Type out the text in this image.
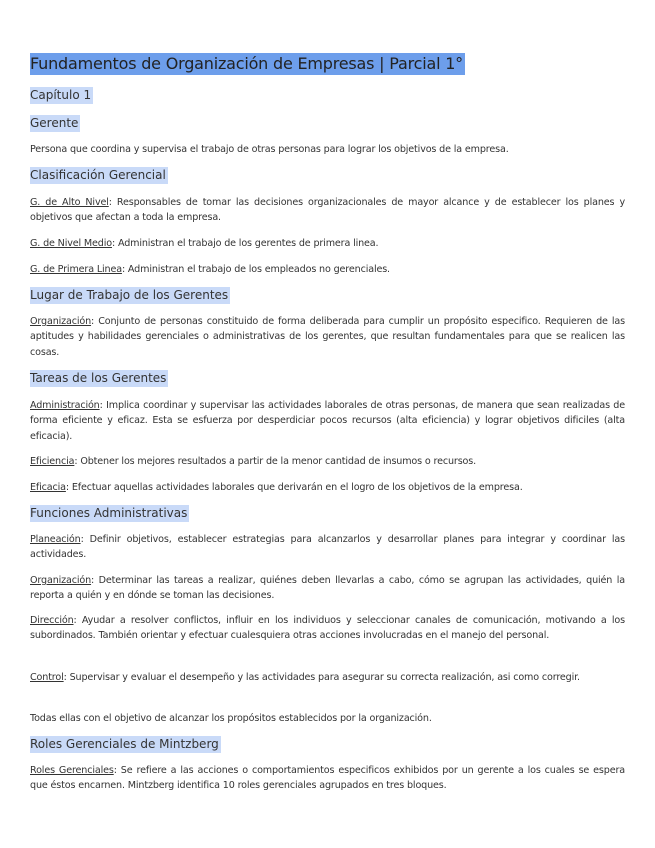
Fundamentos de Organización de Empresas | Parcial 1°
Capítulo 1
Gerente
Persona que coordina y supervisa el trabajo de otras personas para lograr los objetivos de la empresa.
Clasificación Gerencial
G. de Alto Nivel: Responsables de tomar las decisiones organizacionales de mayor alcance y de establecer los planes y objetivos que afectan a toda la empresa.
G. de Nivel Medio: Administran el trabajo de los gerentes de primera linea.
G. de Primera Linea: Administran el trabajo de los empleados no gerenciales.
Lugar de Trabajo de los Gerentes
Organización: Conjunto de personas constituido de forma deliberada para cumplir un propósito especifico. Requieren de las aptitudes y habilidades gerenciales o administrativas de los gerentes, que resultan fundamentales para que se realicen las cosas.
Tareas de los Gerentes
Administración: Implica coordinar y supervisar las actividades laborales de otras personas, de manera que sean realizadas de forma eficiente y eficaz. Esta se esfuerza por desperdiciar pocos recursos (alta eficiencia) y lograr objetivos dificiles (alta eficacia).
Eficiencia: Obtener los mejores resultados a partir de la menor cantidad de insumos o recursos.
Eficacia: Efectuar aquellas actividades laborales que derivarán en el logro de los objetivos de la empresa.
Funciones Administrativas
Planeación: Definir objetivos, establecer estrategias para alcanzarlos y desarrollar planes para integrar y coordinar las actividades.
Organización: Determinar las tareas a realizar, quiénes deben llevarlas a cabo, cómo se agrupan las actividades, quién la reporta a quién y en dónde se toman las decisiones.
Dirección: Ayudar a resolver conflictos, influir en los individuos y seleccionar canales de comunicación, motivando a los subordinados. También orientar y efectuar cualesquiera otras acciones involucradas en el manejo del personal.
Control: Supervisar y evaluar el desempeño y las actividades para asegurar su correcta realización, asi como corregir.
Todas ellas con el objetivo de alcanzar los propósitos establecidos por la organización.
Roles Gerenciales de Mintzberg
Roles Gerenciales: Se refiere a las acciones o comportamientos especificos exhibidos por un gerente a los cuales se espera que éstos encarnen. Mintzberg identifica 10 roles gerenciales agrupados en tres bloques.
